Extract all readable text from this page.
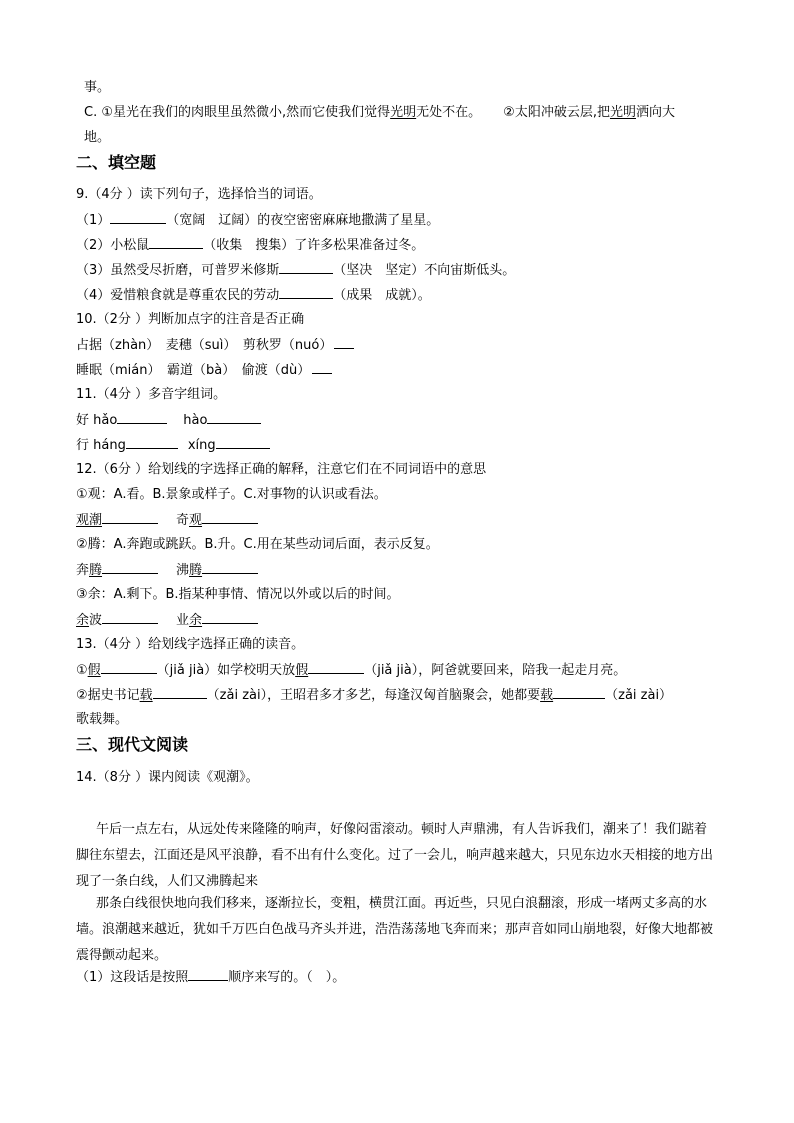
事。
C. ①星光在我们的肉眼里虽然微小,然而它使我们觉得光明无处不在。 ②太阳冲破云层,把光明洒向大
地。
二、填空题
9.（4分 ）读下列句子，选择恰当的词语。
（1）	（宽阔　辽阔）的夜空密密麻麻地撒满了星星。
（2）小松鼠	（收集　搜集）了许多松果准备过冬。
（3）虽然受尽折磨，可普罗米修斯	（坚决　坚定）不向宙斯低头。
（4）爱惜粮食就是尊重农民的劳动	（成果　成就）。
10.（2分 ）判断加点字的注音是否正确
占据（zhàn）　麦穗（suì）　剪秋罗（nuó）
睡眠（mián）　霸道（bà）　偷渡（dù）
11.（4分 ）多音字组词。
好 hǎo	hào
行 háng	xíng
12.（6分 ）给划线的字选择正确的解释，注意它们在不同词语中的意思
①观：A.看。B.景象或样子。C.对事物的认识或看法。
观潮	奇观
②腾：A.奔跑或跳跃。B.升。C.用在某些动词后面，表示反复。
奔腾	沸腾
③余：A.剩下。B.指某种事情、情况以外或以后的时间。
余波	业余
13.（4分 ）给划线字选择正确的读音。
①假	（jiǎ jià）如学校明天放假	（jiǎ jià），阿爸就要回来，陪我一起走月亮。
②据史书记载	（zǎi zài），王昭君多才多艺，每逢汉匈首脑聚会，她都要载	（zǎi zài）
歌载舞。
三、现代文阅读
14.（8分 ）课内阅读《观潮》。
午后一点左右，从远处传来隆隆的响声，好像闷雷滚动。顿时人声鼎沸，有人告诉我们，潮来了！我们踮着脚往东望去，江面还是风平浪静，看不出有什么变化。过了一会儿，响声越来越大，只见东边水天相接的地方出现了一条白线，人们又沸腾起来
那条白线很快地向我们移来，逐渐拉长，变粗，横贯江面。再近些，只见白浪翻滚，形成一堵两丈多高的水墙。浪潮越来越近，犹如千万匹白色战马齐头并进，浩浩荡荡地飞奔而来；那声音如同山崩地裂，好像大地都被震得颤动起来。
（1）这段话是按照	顺序来写的。（　）。
